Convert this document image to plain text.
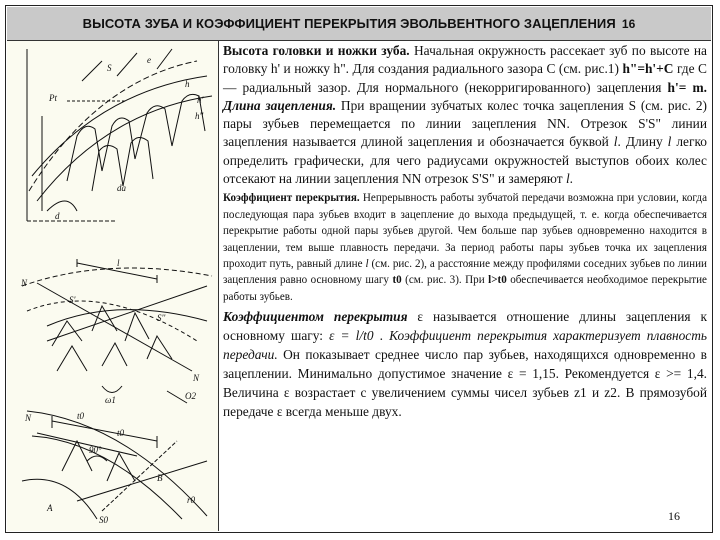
ВЫСОТА ЗУБА И КОЭФФИЦИЕНТ ПЕРЕКРЫТИЯ ЭВОЛЬВЕНТНОГО ЗАЦЕПЛЕНИЯ 16
S
e
h
h'
h''
Pt
da
d
N
N
S'
S''
l
ω1	O2
t0
t0
90°
A
B
r0
S0
N

Высота головки и ножки зуба. Начальная окружность рассекает зуб по высоте на головку h' и ножку h". Для создания радиального зазора С (см. рис.1) h"=h'+C где С — радиальный зазор. Для нормального (некорригированного) зацепления h'= m. Длина зацепления. При вращении зубчатых колес точка зацепления S (см. рис. 2) пары зубьев перемещается по линии зацепления NN. Отрезок S'S" линии зацепления называется длиной зацепления и обозначается буквой l. Длину l легко определить графически, для чего радиусами окружностей выступов обоих колес отсекают на линии зацепления NN отрезок S'S" и замеряют l.

Коэффициент перекрытия. Непрерывность работы зубчатой передачи возможна при условии, когда последующая пара зубьев входит в зацепление до выхода предыдущей, т. е. когда обеспечивается перекрытие работы одной пары зубьев другой. Чем больше пар зубьев одновременно находится в зацеплении, тем выше плавность передачи. За период работы пары зубьев точка их зацепления проходит путь, равный длине l (см. рис. 2), а расстояние между профилями соседних зубьев по линии зацепления равно основному шагу t0 (см. рис. 3). При l>t0 обеспечивается необходимое перекрытие работы зубьев.

Коэффициентом перекрытия ε называется отношение длины зацепления к основному шагу: ε = l/t0 . Коэффициент перекрытия характеризует плавность передачи. Он показывает среднее число пар зубьев, находящихся одновременно в зацеплении. Минимально допустимое значение ε = 1,15. Рекомендуется ε >= 1,4. Величина ε возрастает с увеличением суммы чисел зубьев z1 и z2. В прямозубой передаче ε всегда меньше двух.

16
